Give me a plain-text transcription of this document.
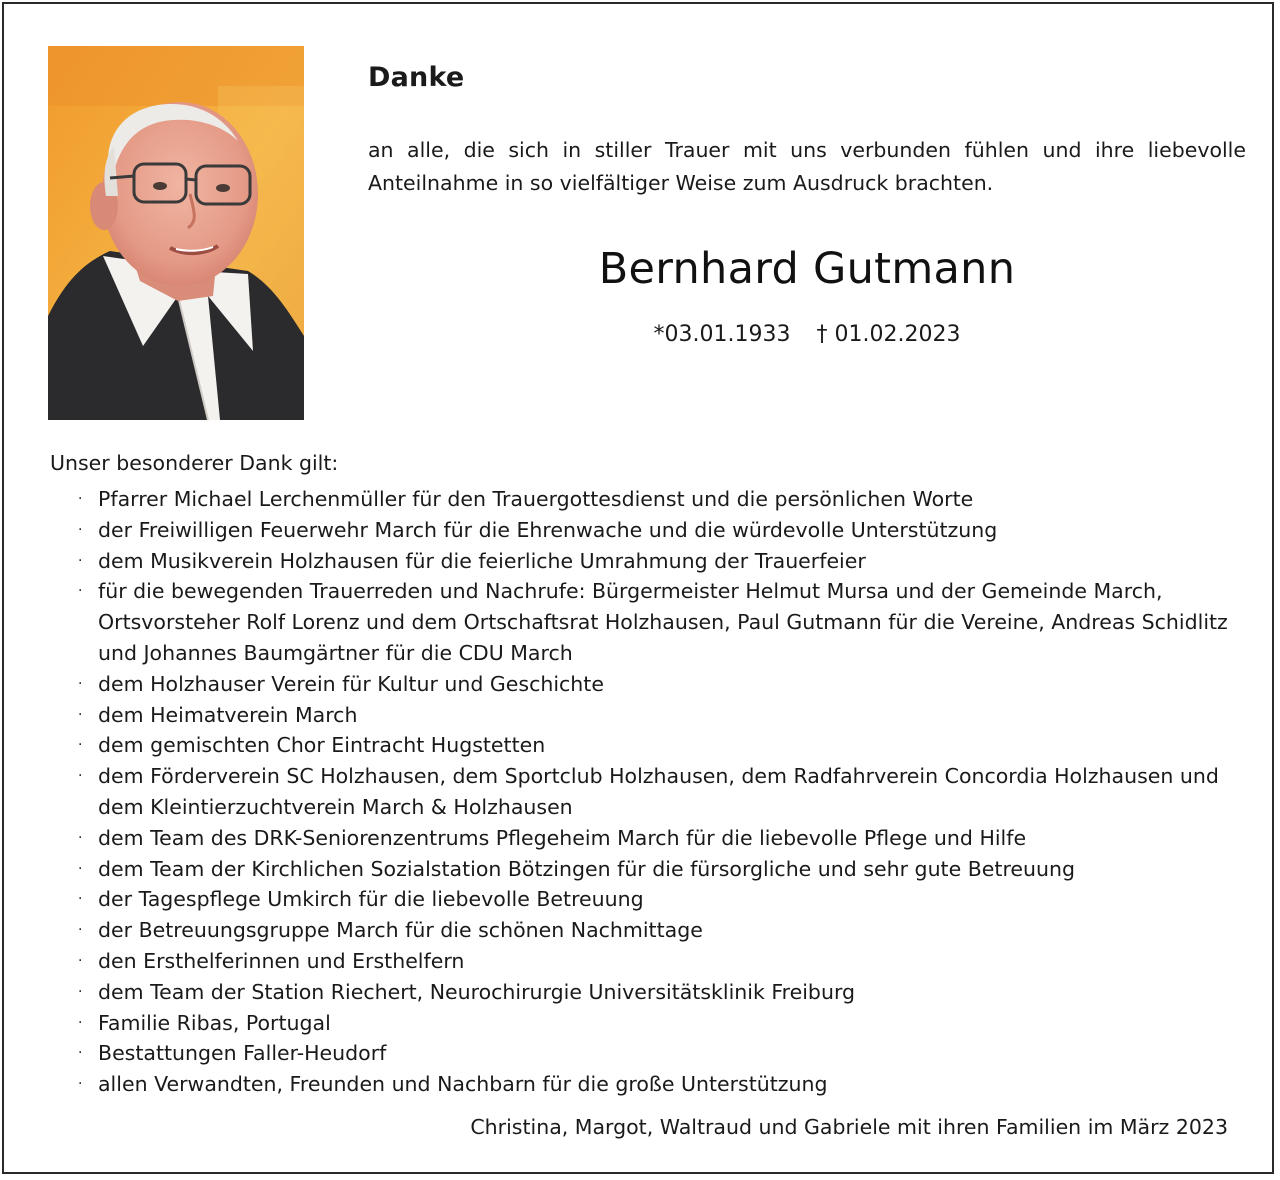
Danke
an alle, die sich in stiller Trauer mit uns verbunden fühlen und ihre liebevolle Anteilnahme in so vielfältiger Weise zum Ausdruck brachten.
Bernhard Gutmann
*03.01.1933 † 01.02.2023
Unser besonderer Dank gilt:
· Pfarrer Michael Lerchenmüller für den Trauergottesdienst und die persönlichen Worte
· der Freiwilligen Feuerwehr March für die Ehrenwache und die würdevolle Unterstützung
· dem Musikverein Holzhausen für die feierliche Umrahmung der Trauerfeier
· für die bewegenden Trauerreden und Nachrufe: Bürgermeister Helmut Mursa und der Gemeinde March, Ortsvorsteher Rolf Lorenz und dem Ortschaftsrat Holzhausen, Paul Gutmann für die Vereine, Andreas Schidlitz und Johannes Baumgärtner für die CDU March
· dem Holzhauser Verein für Kultur und Geschichte
· dem Heimatverein March
· dem gemischten Chor Eintracht Hugstetten
· dem Förderverein SC Holzhausen, dem Sportclub Holzhausen, dem Radfahrverein Concordia Holzhausen und dem Kleintierzuchtverein March & Holzhausen
· dem Team des DRK-Seniorenzentrums Pflegeheim March für die liebevolle Pflege und Hilfe
· dem Team der Kirchlichen Sozialstation Bötzingen für die fürsorgliche und sehr gute Betreuung
· der Tagespflege Umkirch für die liebevolle Betreuung
· der Betreuungsgruppe March für die schönen Nachmittage
· den Ersthelferinnen und Ersthelfern
· dem Team der Station Riechert, Neurochirurgie Universitätsklinik Freiburg
· Familie Ribas, Portugal
· Bestattungen Faller-Heudorf
· allen Verwandten, Freunden und Nachbarn für die große Unterstützung
Christina, Margot, Waltraud und Gabriele mit ihren Familien im März 2023
